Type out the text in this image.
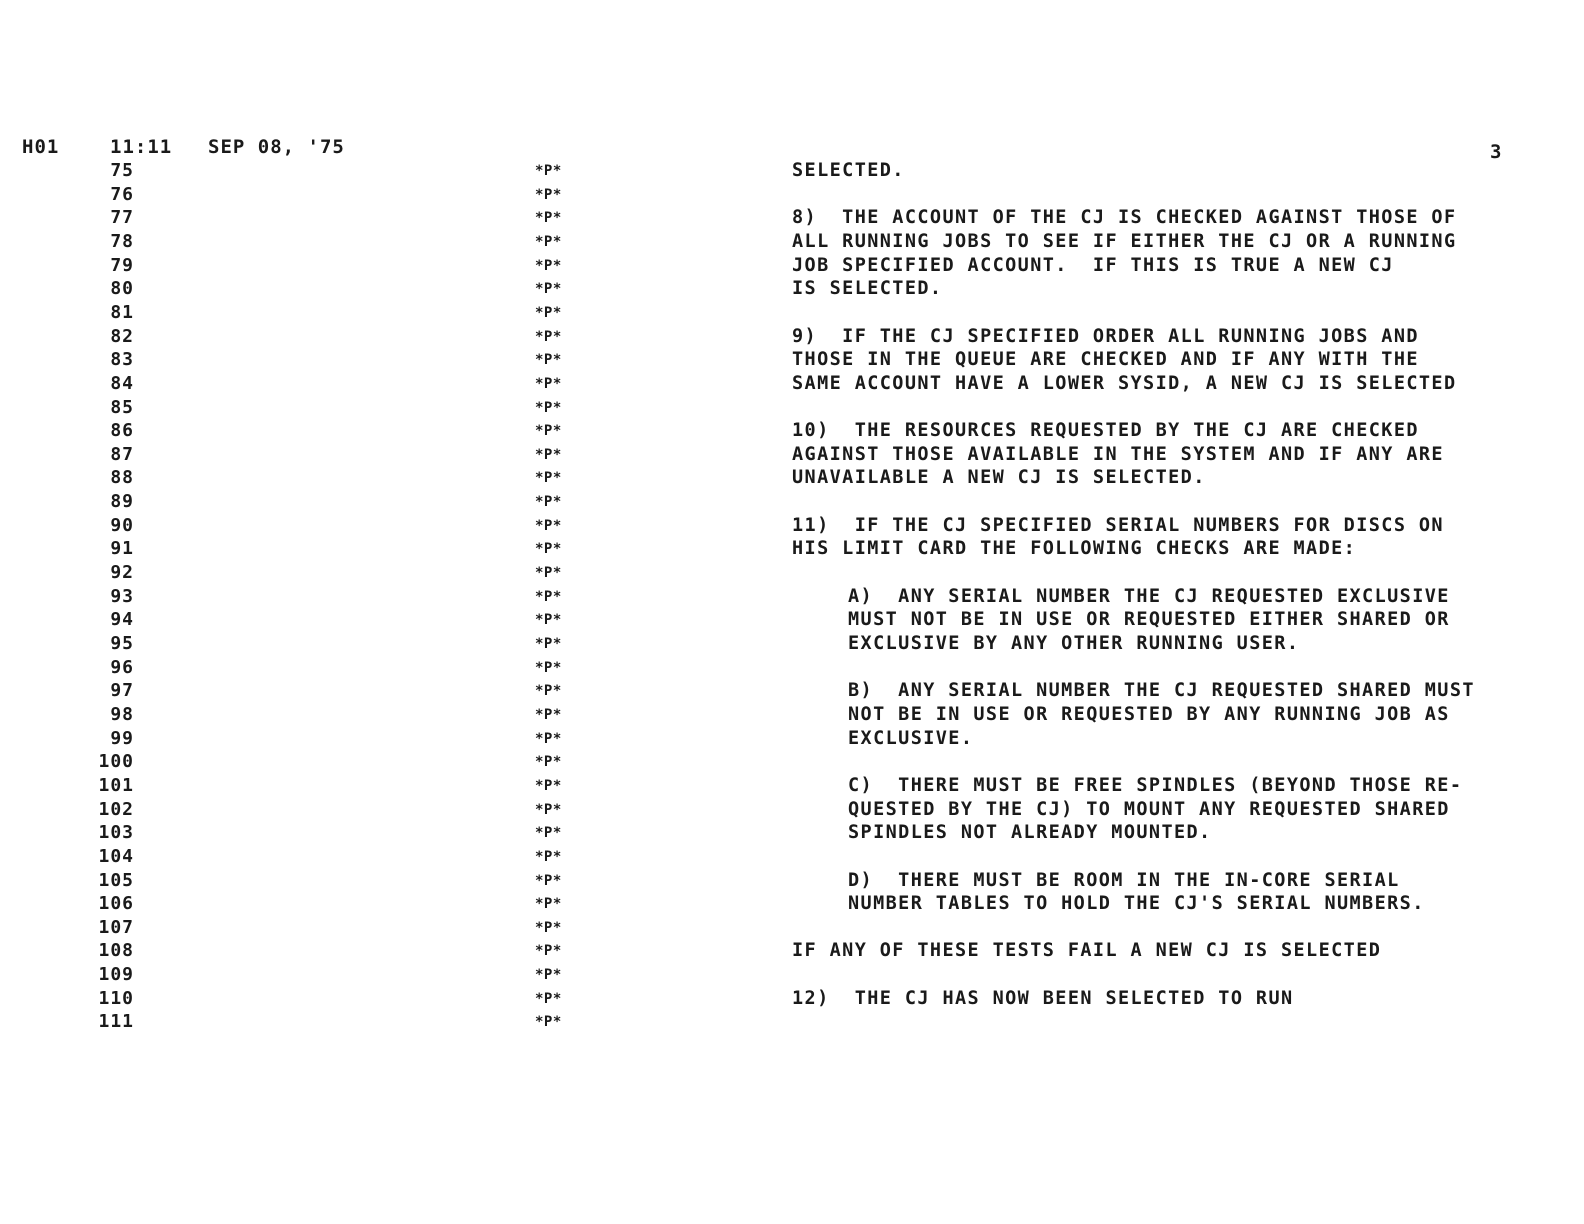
H01	11:11 SEP 08, '75	3
75	*P*	SELECTED.
76	*P*
77	*P*	8)  THE ACCOUNT OF THE CJ IS CHECKED AGAINST THOSE OF
78	*P*	ALL RUNNING JOBS TO SEE IF EITHER THE CJ OR A RUNNING
79	*P*	JOB SPECIFIED ACCOUNT.  IF THIS IS TRUE A NEW CJ
80	*P*	IS SELECTED.
81	*P*
82	*P*	9)  IF THE CJ SPECIFIED ORDER ALL RUNNING JOBS AND
83	*P*	THOSE IN THE QUEUE ARE CHECKED AND IF ANY WITH THE
84	*P*	SAME ACCOUNT HAVE A LOWER SYSID, A NEW CJ IS SELECTED
85	*P*
86	*P*	10)  THE RESOURCES REQUESTED BY THE CJ ARE CHECKED
87	*P*	AGAINST THOSE AVAILABLE IN THE SYSTEM AND IF ANY ARE
88	*P*	UNAVAILABLE A NEW CJ IS SELECTED.
89	*P*
90	*P*	11)  IF THE CJ SPECIFIED SERIAL NUMBERS FOR DISCS ON
91	*P*	HIS LIMIT CARD THE FOLLOWING CHECKS ARE MADE:
92	*P*
93	*P*	A)  ANY SERIAL NUMBER THE CJ REQUESTED EXCLUSIVE
94	*P*	MUST NOT BE IN USE OR REQUESTED EITHER SHARED OR
95	*P*	EXCLUSIVE BY ANY OTHER RUNNING USER.
96	*P*
97	*P*	B)  ANY SERIAL NUMBER THE CJ REQUESTED SHARED MUST
98	*P*	NOT BE IN USE OR REQUESTED BY ANY RUNNING JOB AS
99	*P*	EXCLUSIVE.
100	*P*
101	*P*	C)  THERE MUST BE FREE SPINDLES (BEYOND THOSE RE-
102	*P*	QUESTED BY THE CJ) TO MOUNT ANY REQUESTED SHARED
103	*P*	SPINDLES NOT ALREADY MOUNTED.
104	*P*
105	*P*	D)  THERE MUST BE ROOM IN THE IN-CORE SERIAL
106	*P*	NUMBER TABLES TO HOLD THE CJ'S SERIAL NUMBERS.
107	*P*
108	*P*	IF ANY OF THESE TESTS FAIL A NEW CJ IS SELECTED
109	*P*
110	*P*	12)  THE CJ HAS NOW BEEN SELECTED TO RUN
111	*P*
